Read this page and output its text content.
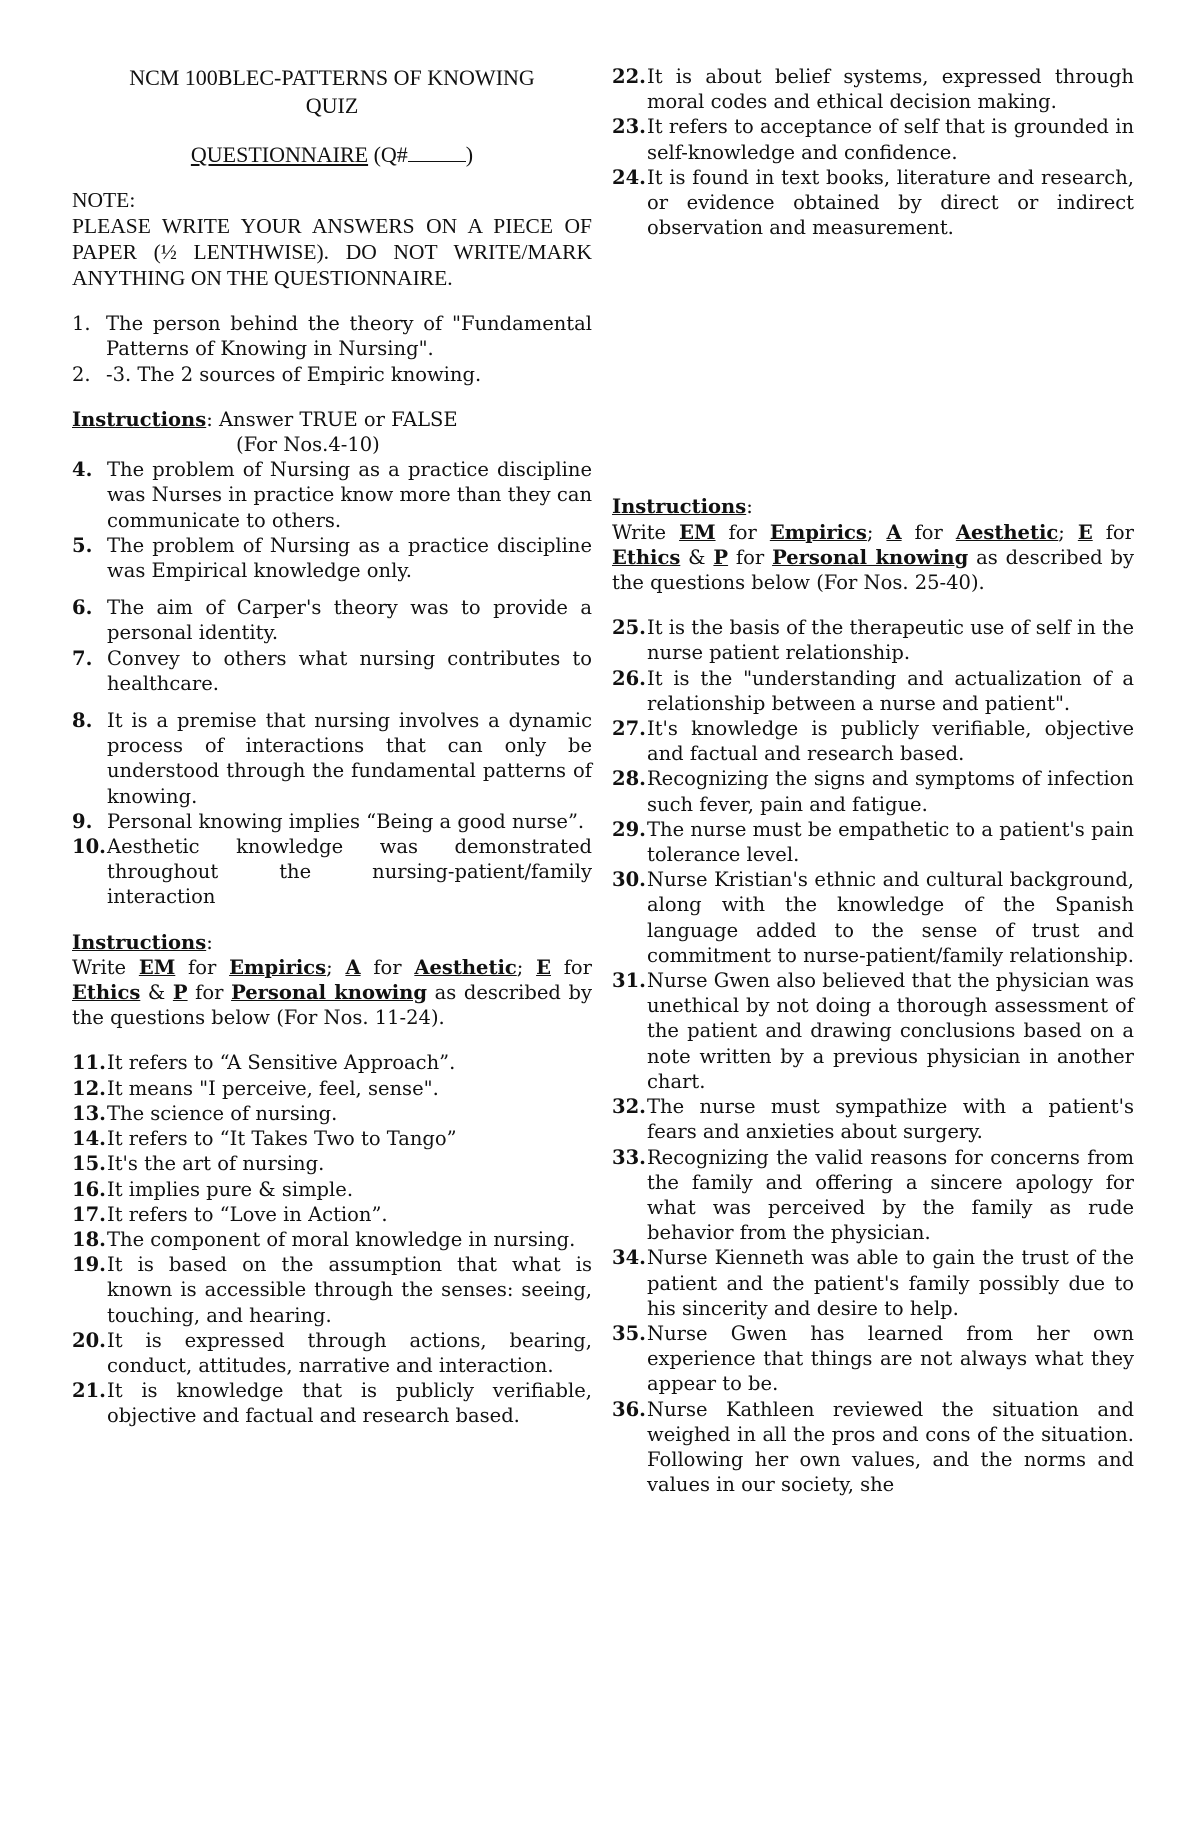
NCM 100BLEC-PATTERNS OF KNOWING
QUIZ
QUESTIONNAIRE (Q#	)
NOTE:
PLEASE WRITE YOUR ANSWERS ON A PIECE OF PAPER (½ LENTHWISE). DO NOT WRITE/MARK ANYTHING ON THE QUESTIONNAIRE.
1. The person behind the theory of "Fundamental Patterns of Knowing in Nursing".
2. -3. The 2 sources of Empiric knowing.
Instructions: Answer TRUE or FALSE
(For Nos.4-10)
4. The problem of Nursing as a practice discipline was Nurses in practice know more than they can communicate to others.
5. The problem of Nursing as a practice discipline was Empirical knowledge only.
6. The aim of Carper's theory was to provide a personal identity.
7. Convey to others what nursing contributes to healthcare.
8. It is a premise that nursing involves a dynamic process of interactions that can only be understood through the fundamental patterns of knowing.
9. Personal knowing implies “Being a good nurse”.
10. Aesthetic knowledge was demonstrated throughout the nursing-patient/family interaction
Instructions:
Write EM for Empirics; A for Aesthetic; E for Ethics & P for Personal knowing as described by the questions below (For Nos. 11-24).
11. It refers to “A Sensitive Approach”.
12. It means "I perceive, feel, sense".
13. The science of nursing.
14. It refers to “It Takes Two to Tango”
15. It's the art of nursing.
16. It implies pure & simple.
17. It refers to “Love in Action”.
18. The component of moral knowledge in nursing.
19. It is based on the assumption that what is known is accessible through the senses: seeing, touching, and hearing.
20. It is expressed through actions, bearing, conduct, attitudes, narrative and interaction.
21. It is knowledge that is publicly verifiable, objective and factual and research based.
22. It is about belief systems, expressed through moral codes and ethical decision making.
23. It refers to acceptance of self that is grounded in self-knowledge and confidence.
24. It is found in text books, literature and research, or evidence obtained by direct or indirect observation and measurement.
Instructions:
Write EM for Empirics; A for Aesthetic; E for Ethics & P for Personal knowing as described by the questions below (For Nos. 25-40).
25. It is the basis of the therapeutic use of self in the nurse patient relationship.
26. It is the "understanding and actualization of a relationship between a nurse and patient".
27. It's knowledge is publicly verifiable, objective and factual and research based.
28. Recognizing the signs and symptoms of infection such fever, pain and fatigue.
29. The nurse must be empathetic to a patient's pain tolerance level.
30. Nurse Kristian's ethnic and cultural background, along with the knowledge of the Spanish language added to the sense of trust and commitment to nurse-patient/family relationship.
31. Nurse Gwen also believed that the physician was unethical by not doing a thorough assessment of the patient and drawing conclusions based on a note written by a previous physician in another chart.
32. The nurse must sympathize with a patient's fears and anxieties about surgery.
33. Recognizing the valid reasons for concerns from the family and offering a sincere apology for what was perceived by the family as rude behavior from the physician.
34. Nurse Kienneth was able to gain the trust of the patient and the patient's family possibly due to his sincerity and desire to help.
35. Nurse Gwen has learned from her own experience that things are not always what they appear to be.
36. Nurse Kathleen reviewed the situation and weighed in all the pros and cons of the situation. Following her own values, and the norms and values in our society, she
